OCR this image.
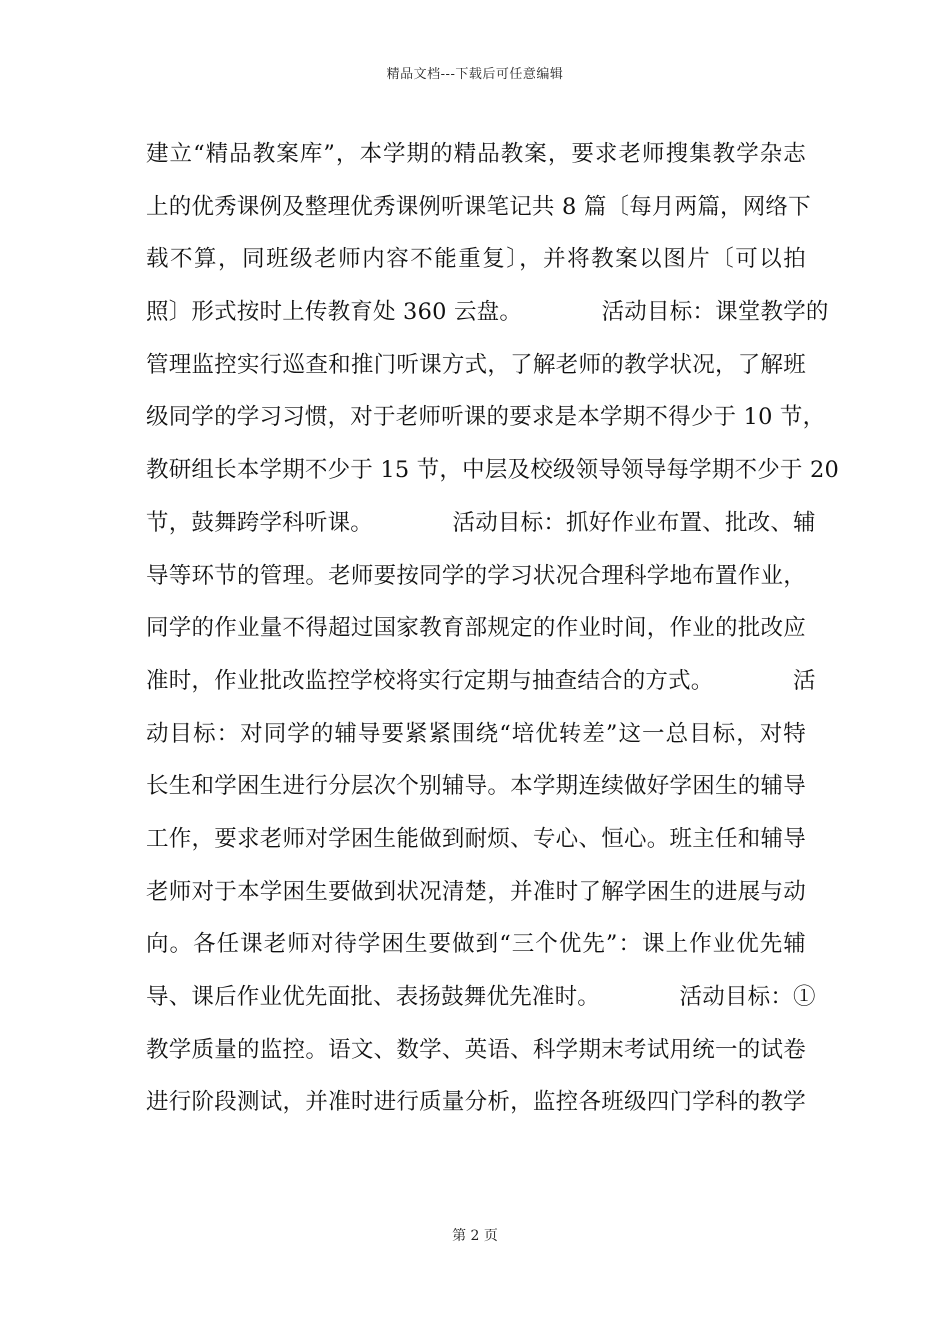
精品文档---下载后可任意编辑
建立“精品教案库”，本学期的精品教案，要求老师搜集教学杂志
上的优秀课例及整理优秀课例听课笔记共 8 篇〔每月两篇，网络下
载不算，同班级老师内容不能重复〕，并将教案以图片〔可以拍
照〕形式按时上传教育处 360 云盘。　　　　活动目标：课堂教学的
管理监控实行巡查和推门听课方式，了解老师的教学状况，了解班
级同学的学习习惯，对于老师听课的要求是本学期不得少于 10 节，
教研组长本学期不少于 15 节，中层及校级领导领导每学期不少于 20
节，鼓舞跨学科听课。　　　　活动目标：抓好作业布置、批改、辅
导等环节的管理。老师要按同学的学习状况合理科学地布置作业，
同学的作业量不得超过国家教育部规定的作业时间，作业的批改应
准时，作业批改监控学校将实行定期与抽查结合的方式。　　　　活
动目标：对同学的辅导要紧紧围绕“培优转差”这一总目标，对特
长生和学困生进行分层次个别辅导。本学期连续做好学困生的辅导
工作，要求老师对学困生能做到耐烦、专心、恒心。班主任和辅导
老师对于本学困生要做到状况清楚，并准时了解学困生的进展与动
向。各任课老师对待学困生要做到“三个优先”：课上作业优先辅
导、课后作业优先面批、表扬鼓舞优先准时。　　　　活动目标：①
教学质量的监控。语文、数学、英语、科学期末考试用统一的试卷
进行阶段测试，并准时进行质量分析，监控各班级四门学科的教学
第 2 页
